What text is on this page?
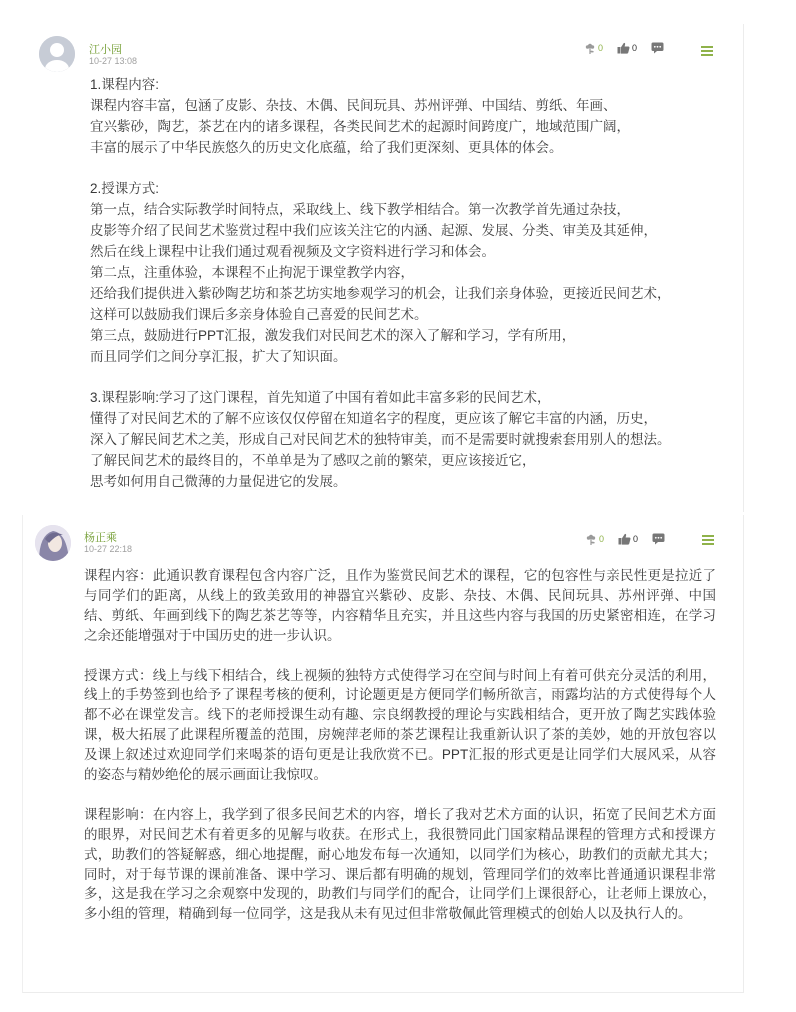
江小园
10-27 13:08
0	0
1.课程内容:
课程内容丰富，包涵了皮影、杂技、木偶、民间玩具、苏州评弹、中国结、剪纸、年画、
宜兴紫砂，陶艺，茶艺在内的诸多课程，各类民间艺术的起源时间跨度广，地域范围广阔，
丰富的展示了中华民族悠久的历史文化底蕴，给了我们更深刻、更具体的体会。
2.授课方式:
第一点，结合实际教学时间特点，采取线上、线下教学相结合。第一次教学首先通过杂技，
皮影等介绍了民间艺术鉴赏过程中我们应该关注它的内涵、起源、发展、分类、审美及其延伸，
然后在线上课程中让我们通过观看视频及文字资料进行学习和体会。
第二点，注重体验，本课程不止拘泥于课堂教学内容，
还给我们提供进入紫砂陶艺坊和茶艺坊实地参观学习的机会，让我们亲身体验，更接近民间艺术，
这样可以鼓励我们课后多亲身体验自己喜爱的民间艺术。
第三点，鼓励进行PPT汇报，激发我们对民间艺术的深入了解和学习，学有所用，
而且同学们之间分享汇报，扩大了知识面。
3.课程影响:学习了这门课程，首先知道了中国有着如此丰富多彩的民间艺术，
懂得了对民间艺术的了解不应该仅仅停留在知道名字的程度，更应该了解它丰富的内涵，历史，
深入了解民间艺术之美，形成自己对民间艺术的独特审美，而不是需要时就搜索套用别人的想法。
了解民间艺术的最终目的，不单单是为了感叹之前的繁荣，更应该接近它，
思考如何用自己微薄的力量促进它的发展。
杨正乘
10-27 22:18
0	0

课程内容：此通识教育课程包含内容广泛，且作为鉴赏民间艺术的课程，它的包容性与亲民性更是拉近了与同学们的距离，从线上的致美致用的神器宜兴紫砂、皮影、杂技、木偶、民间玩具、苏州评弹、中国结、剪纸、年画到线下的陶艺茶艺等等，内容精华且充实，并且这些内容与我国的历史紧密相连，在学习之余还能增强对于中国历史的进一步认识。

授课方式：线上与线下相结合，线上视频的独特方式使得学习在空间与时间上有着可供充分灵活的利用，线上的手势签到也给予了课程考核的便利，讨论题更是方便同学们畅所欲言，雨露均沾的方式使得每个人都不必在课堂发言。线下的老师授课生动有趣、宗良纲教授的理论与实践相结合，更开放了陶艺实践体验课，极大拓展了此课程所覆盖的范围，房婉萍老师的茶艺课程让我重新认识了茶的美妙，她的开放包容以及课上叙述过欢迎同学们来喝茶的语句更是让我欣赏不已。PPT汇报的形式更是让同学们大展风采，从容的姿态与精妙绝伦的展示画面让我惊叹。

课程影响：在内容上，我学到了很多民间艺术的内容，增长了我对艺术方面的认识，拓宽了民间艺术方面的眼界，对民间艺术有着更多的见解与收获。在形式上，我很赞同此门国家精品课程的管理方式和授课方式，助教们的答疑解惑，细心地提醒，耐心地发布每一次通知，以同学们为核心，助教们的贡献尤其大；同时，对于每节课的课前准备、课中学习、课后都有明确的规划，管理同学们的效率比普通通识课程非常多，这是我在学习之余观察中发现的，助教们与同学们的配合，让同学们上课很舒心，让老师上课放心，多小组的管理，精确到每一位同学，这是我从未有见过但非常敬佩此管理模式的创始人以及执行人的。
